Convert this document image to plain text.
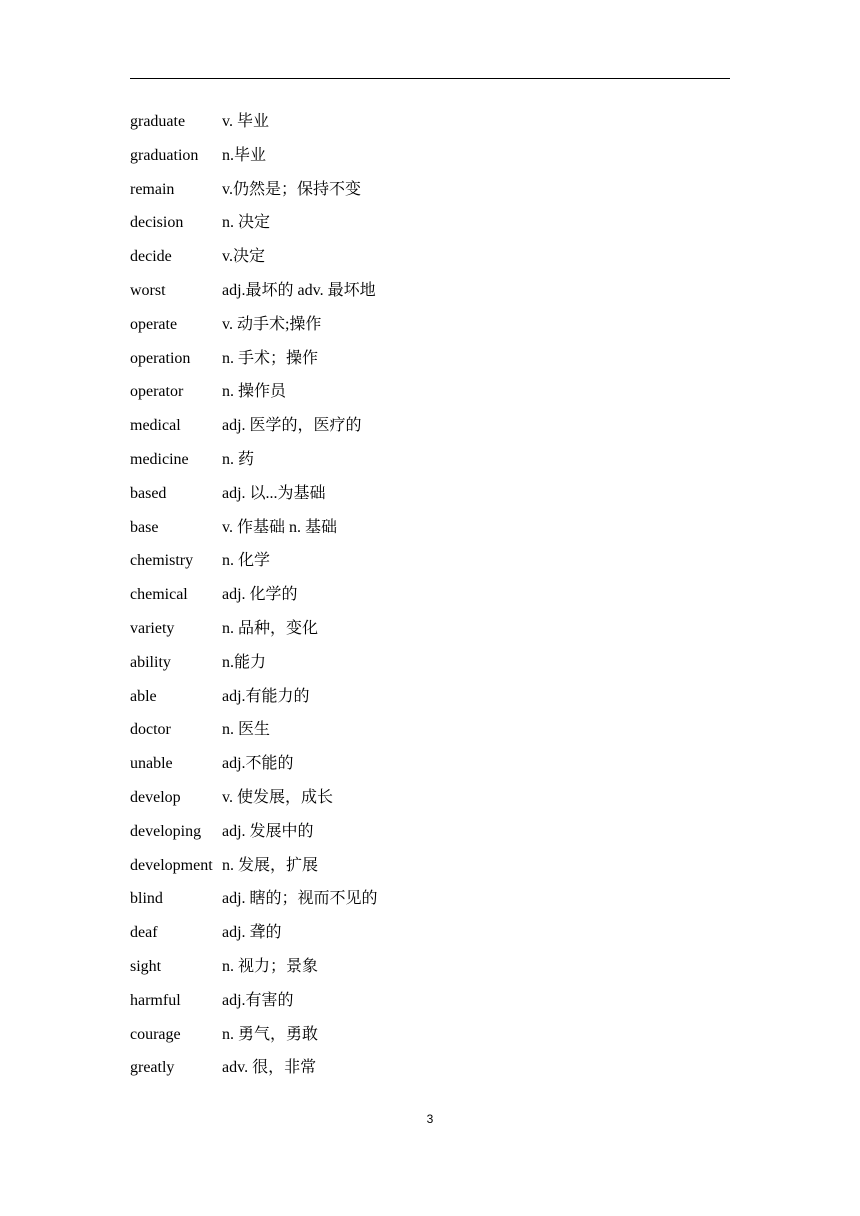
graduate v. 毕业
graduation n.毕业
remain	v.仍然是；保持不变
decision n. 决定
decide	v.决定
worst	adj.最坏的 adv. 最坏地
operate	v. 动手术;操作
operation n. 手术；操作
operator n. 操作员
medical	adj. 医学的，医疗的
medicine n. 药
based	adj. 以...为基础
base	v. 作基础 n. 基础
chemistry n. 化学
chemical adj. 化学的
variety	n. 品种，变化
ability	n.能力
able	adj.有能力的
doctor	n. 医生
unable	adj.不能的
develop	v. 使发展，成长
developing adj. 发展中的
development n. 发展，扩展
blind	adj. 瞎的；视而不见的
deaf	adj. 聋的
sight	n. 视力；景象
harmful	adj.有害的
courage	n. 勇气，勇敢
greatly	adv. 很，非常
3
